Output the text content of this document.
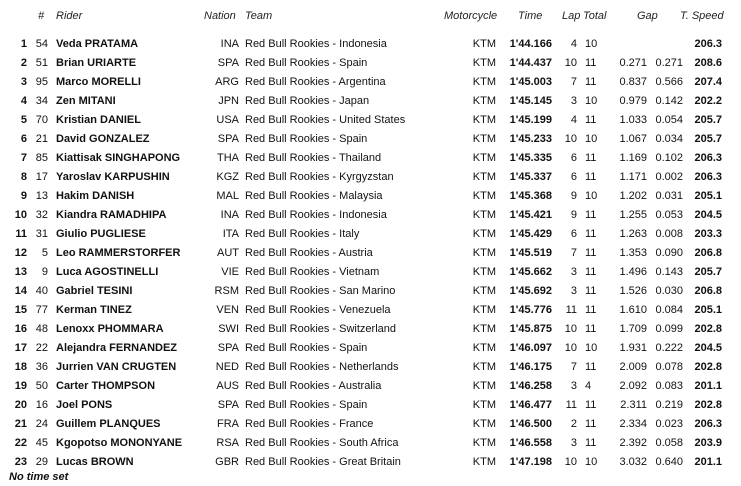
# Rider	Nation Team	Motorcycle Time Lap Total	Gap T. Speed
1 54 Veda PRATAMA	INA Red Bull Rookies - Indonesia	KTM	1'44.166	4 10	206.3
2 51 Brian URIARTE	SPA Red Bull Rookies - Spain	KTM	1'44.437 10 11	0.271 0.271	208.6
3 95 Marco MORELLI	ARG Red Bull Rookies - Argentina	KTM	1'45.003	7 11	0.837 0.566	207.4
4 34 Zen MITANI	JPN Red Bull Rookies - Japan	KTM	1'45.145	3 10	0.979 0.142	202.2
5 70 Kristian DANIEL	USA Red Bull Rookies - United States	KTM	1'45.199	4 11	1.033 0.054	205.7
6 21 David GONZALEZ	SPA Red Bull Rookies - Spain	KTM	1'45.233 10 10	1.067 0.034	205.7
7 85 Kiattisak SINGHAPONG	THA Red Bull Rookies - Thailand	KTM	1'45.335	6 11	1.169 0.102	206.3
8 17 Yaroslav KARPUSHIN	KGZ Red Bull Rookies - Kyrgyzstan	KTM	1'45.337	6 11	1.171 0.002	206.3
9 13 Hakim DANISH	MAL Red Bull Rookies - Malaysia	KTM	1'45.368	9 10	1.202 0.031	205.1
10 32 Kiandra RAMADHIPA	INA Red Bull Rookies - Indonesia	KTM	1'45.421	9 11	1.255 0.053	204.5
11 31 Giulio PUGLIESE	ITA Red Bull Rookies - Italy	KTM	1'45.429	6 11	1.263 0.008	203.3
12	5 Leo RAMMERSTORFER	AUT Red Bull Rookies - Austria	KTM	1'45.519	7 11	1.353 0.090	206.8
13	9 Luca AGOSTINELLI	VIE Red Bull Rookies - Vietnam	KTM	1'45.662	3 11	1.496 0.143	205.7
14 40 Gabriel TESINI	RSM Red Bull Rookies - San Marino	KTM	1'45.692	3 11	1.526 0.030	206.8
15 77 Kerman TINEZ	VEN Red Bull Rookies - Venezuela	KTM	1'45.776	11 11	1.610 0.084	205.1
16 48 Lenoxx PHOMMARA	SWI Red Bull Rookies - Switzerland	KTM	1'45.875 10 11	1.709 0.099	202.8
17 22 Alejandra FERNANDEZ	SPA Red Bull Rookies - Spain	KTM	1'46.097 10 10	1.931 0.222	204.5
18 36 Jurrien VAN CRUGTEN	NED Red Bull Rookies - Netherlands	KTM	1'46.175	7 11	2.009 0.078	202.8
19 50 Carter THOMPSON	AUS Red Bull Rookies - Australia	KTM	1'46.258	3 4	2.092 0.083	201.1
20 16 Joel PONS	SPA Red Bull Rookies - Spain	KTM	1'46.477	11 11	2.311 0.219	202.8
21 24 Guillem PLANQUES	FRA Red Bull Rookies - France	KTM	1'46.500	2 11	2.334 0.023	206.3
22 45 Kgopotso MONONYANE	RSA Red Bull Rookies - South Africa	KTM	1'46.558	3 11	2.392 0.058	203.9
23 29 Lucas BROWN	GBR Red Bull Rookies - Great Britain	KTM	1'47.198 10 10	3.032 0.640	201.1
No time set
